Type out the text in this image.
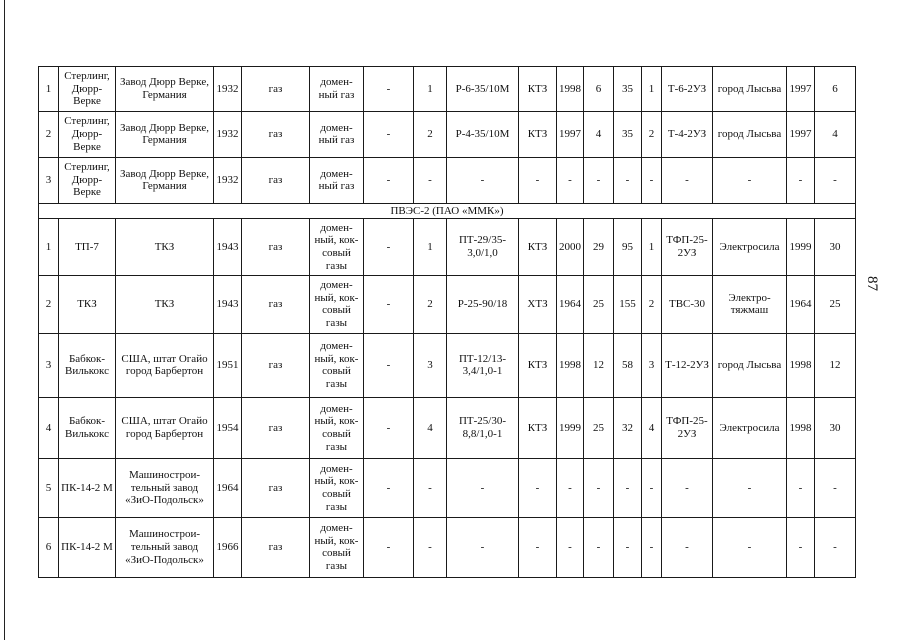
1	Стерлинг, Дюрр-Верке	Завод Дюрр Верке, Германия	1932	газ	домен-ный газ	-	1	Р-6-35/10М	КТЗ	1998	6	35	1	Т-6-2УЗ	город Лысьва	1997	6
2	Стерлинг, Дюрр-Верке	Завод Дюрр Верке, Германия	1932	газ	домен-ный газ	-	2	Р-4-35/10М	КТЗ	1997	4	35	2	Т-4-2УЗ	город Лысьва	1997	4
3	Стерлинг, Дюрр-Верке	Завод Дюрр Верке, Германия	1932	газ	домен-ный газ	-	-	-	-	-	-	-	-	-	-	-	-
ПВЭС-2 (ПАО «ММК»)																	
1	ТП-7	ТКЗ	1943	газ	домен-ный, кок-совый газы	-	1	ПТ-29/35-3,0/1,0	КТЗ	2000	29	95	1	ТФП-25-2УЗ	Электросила	1999	30
2	ТКЗ	ТКЗ	1943	газ	домен-ный, кок-совый газы	-	2	Р-25-90/18	ХТЗ	1964	25	155	2	ТВС-30	Электро-тяжмаш	1964	25
3	Бабкок-Вилькокс	США, штат Огайо город Барбертон	1951	газ	домен-ный, кок-совый газы	-	3	ПТ-12/13-3,4/1,0-1	КТЗ	1998	12	58	3	Т-12-2УЗ	город Лысьва	1998	12
4	Бабкок-Вилькокс	США, штат Огайо город Барбертон	1954	газ	домен-ный, кок-совый газы	-	4	ПТ-25/30-8,8/1,0-1	КТЗ	1999	25	32	4	ТФП-25-2УЗ	Электросила	1998	30
5	ПК-14-2 М	Машинострои-тельный завод «ЗиО-Подольск»	1964	газ	домен-ный, кок-совый газы	-	-	-	-	-	-	-	-	-	-	-	-
6	ПК-14-2 М	Машинострои-тельный завод «ЗиО-Подольск»	1966	газ	домен-ный, кок-совый газы	-	-	-	-	-	-	-	-	-	-	-	-
87
